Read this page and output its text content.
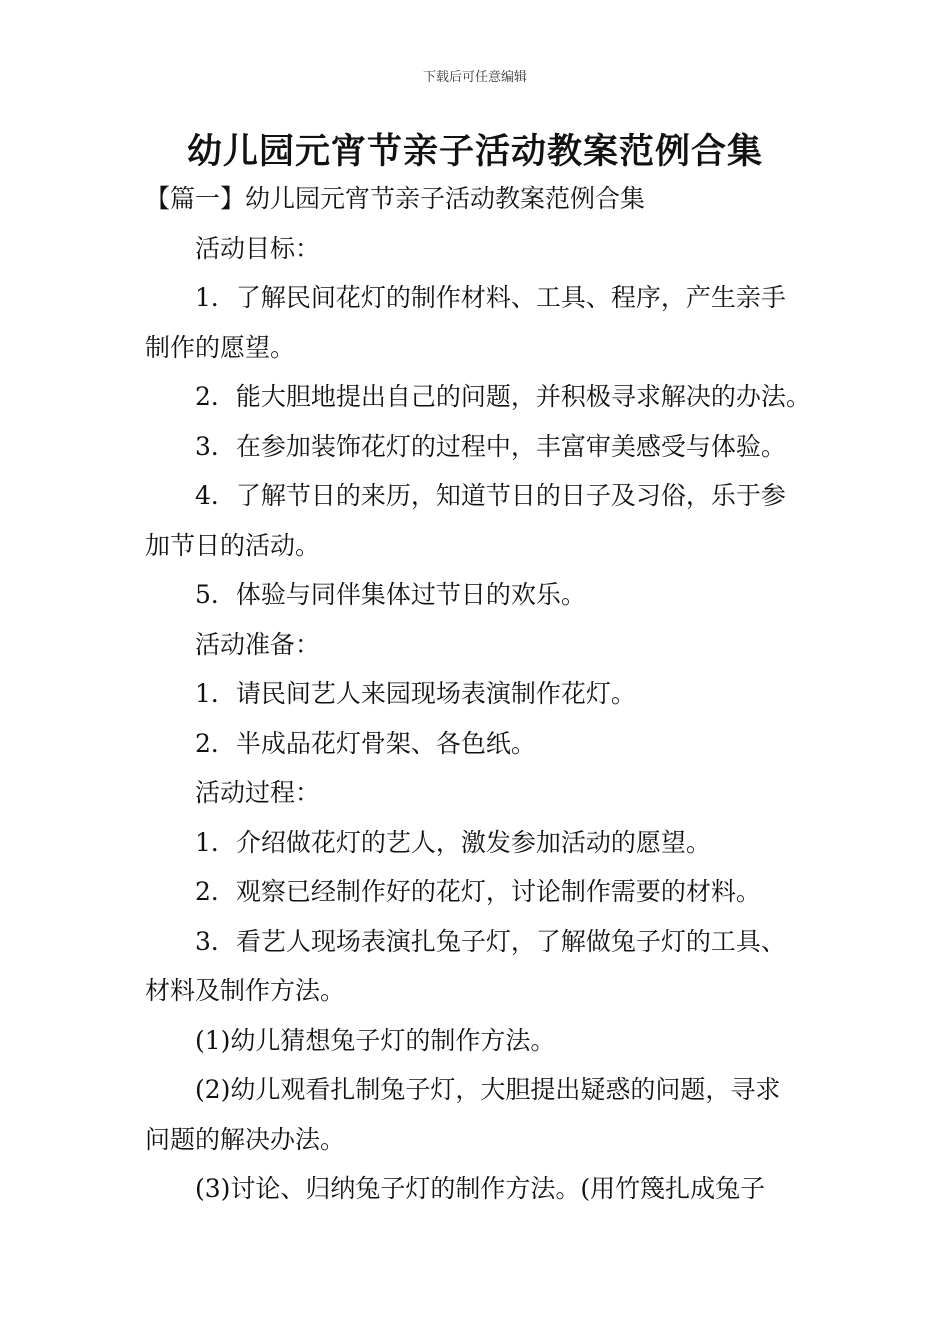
下载后可任意编辑
幼儿园元宵节亲子活动教案范例合集
【篇一】幼儿园元宵节亲子活动教案范例合集
活动目标：
1．了解民间花灯的制作材料、工具、程序，产生亲手
制作的愿望。
2．能大胆地提出自己的问题，并积极寻求解决的办法。
3．在参加装饰花灯的过程中，丰富审美感受与体验。
4．了解节日的来历，知道节日的日子及习俗，乐于参
加节日的活动。
5．体验与同伴集体过节日的欢乐。
活动准备：
1．请民间艺人来园现场表演制作花灯。
2．半成品花灯骨架、各色纸。
活动过程：
1．介绍做花灯的艺人，激发参加活动的愿望。
2．观察已经制作好的花灯，讨论制作需要的材料。
3．看艺人现场表演扎兔子灯，了解做兔子灯的工具、
材料及制作方法。
(1)幼儿猜想兔子灯的制作方法。
(2)幼儿观看扎制兔子灯，大胆提出疑惑的问题，寻求
问题的解决办法。
(3)讨论、归纳兔子灯的制作方法。(用竹篾扎成兔子
